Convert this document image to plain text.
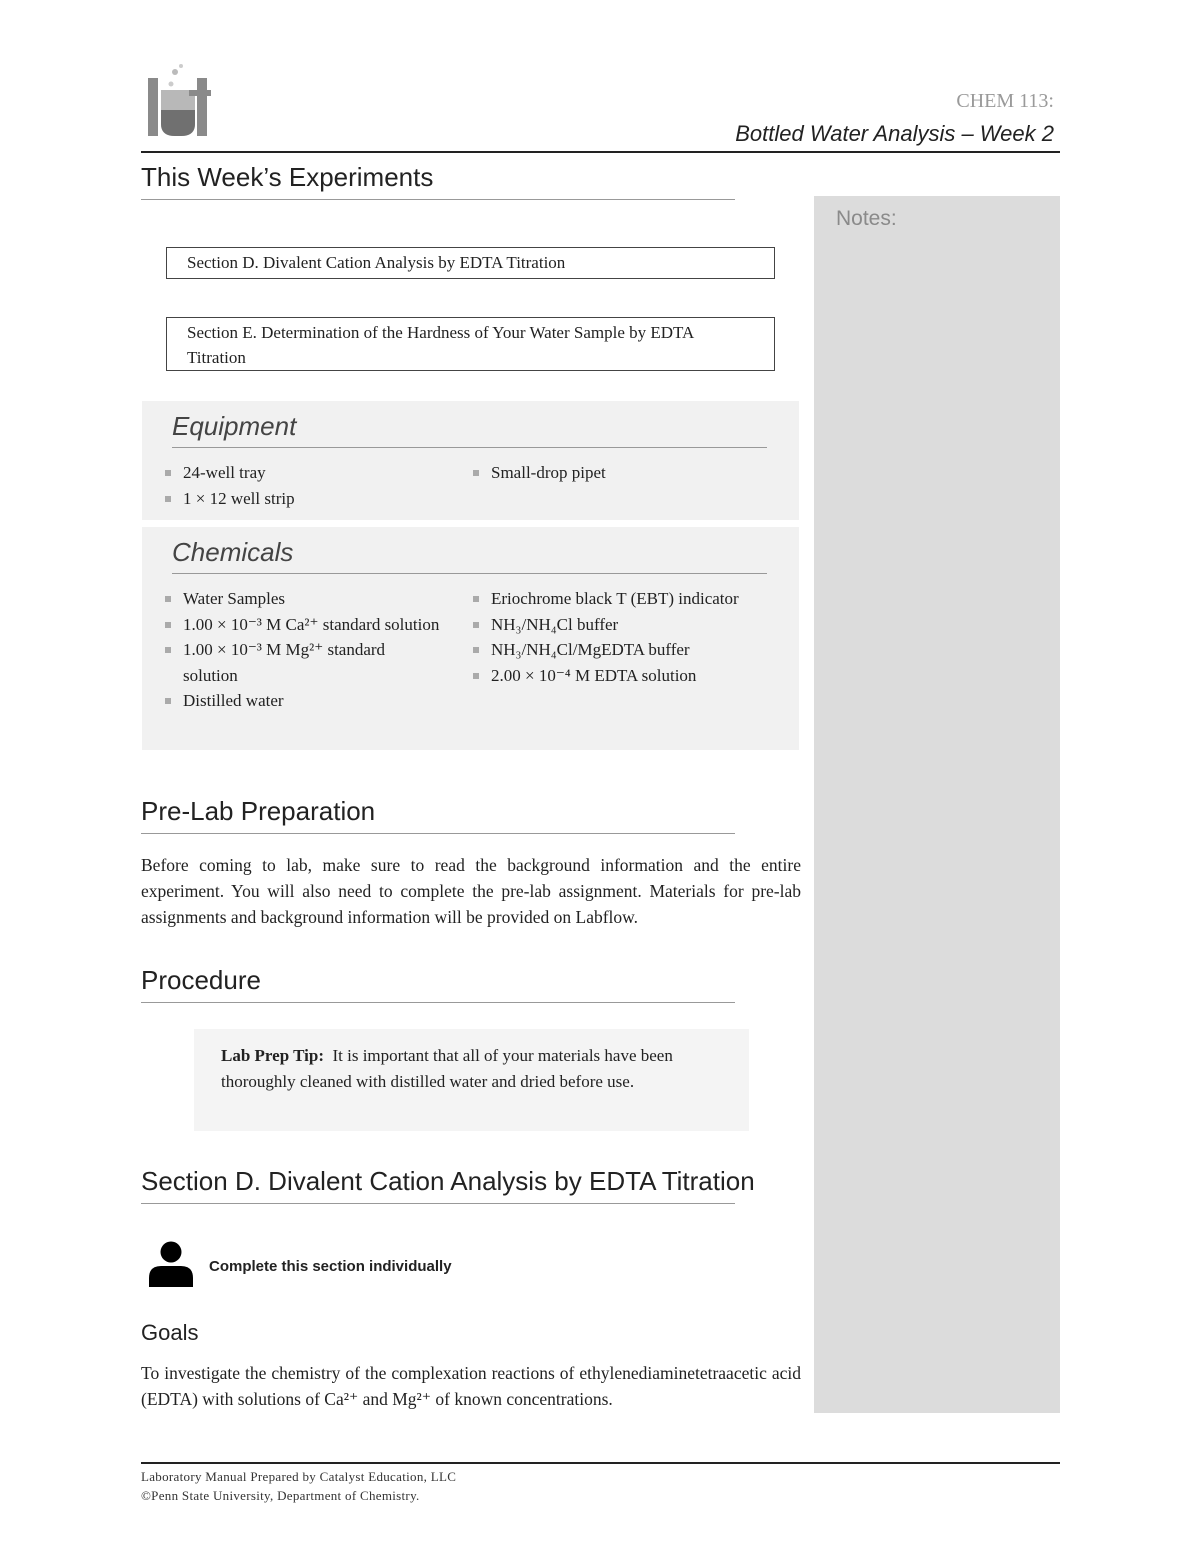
CHEM 113:
Bottled Water Analysis – Week 2
Notes:
This Week’s Experiments
Section D. Divalent Cation Analysis by EDTA Titration
Section E. Determination of the Hardness of Your Water Sample by EDTA Titration
Equipment
24-well tray
1 × 12 well strip
Small-drop pipet
Chemicals
Water Samples
1.00 × 10⁻³ M Ca²⁺ standard solution
1.00 × 10⁻³ M Mg²⁺ standard solution
Distilled water
Eriochrome black T (EBT) indicator
NH₃/NH₄Cl buffer
NH₃/NH₄Cl/MgEDTA buffer
2.00 × 10⁻⁴ M EDTA solution
Pre-Lab Preparation
Before coming to lab, make sure to read the background information and the entire experiment. You will also need to complete the pre-lab assignment. Materials for pre-lab assignments and background information will be provided on Labflow.
Procedure
Lab Prep Tip: It is important that all of your materials have been thoroughly cleaned with distilled water and dried before use.
Section D. Divalent Cation Analysis by EDTA Titration
Complete this section individually
Goals
To investigate the chemistry of the complexation reactions of ethylenediaminetetraacetic acid (EDTA) with solutions of Ca²⁺ and Mg²⁺ of known concentrations.
Laboratory Manual Prepared by Catalyst Education, LLC
©Penn State University, Department of Chemistry.
